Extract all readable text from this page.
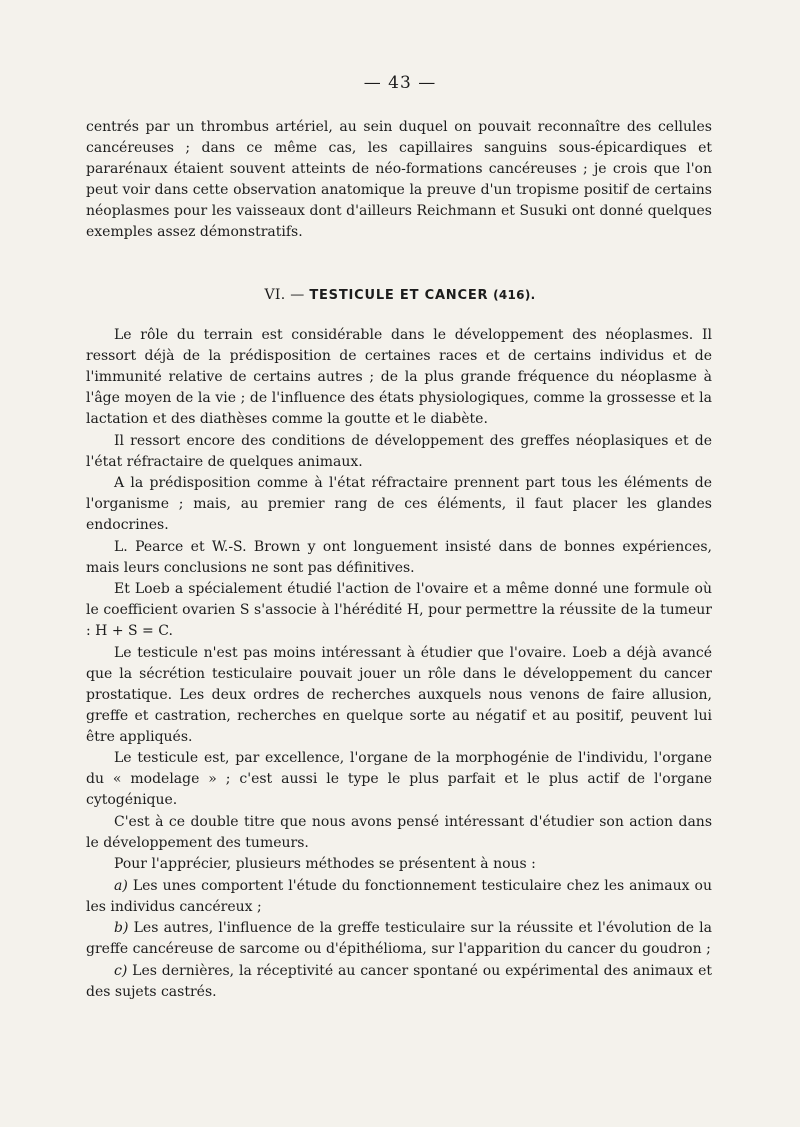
— 43 —

centrés par un thrombus artériel, au sein duquel on pouvait reconnaître des cellules cancéreuses ; dans ce même cas, les capillaires sanguins sous-épicardiques et pararénaux étaient souvent atteints de néo-formations cancéreuses ; je crois que l'on peut voir dans cette observation anatomique la preuve d'un tropisme positif de certains néoplasmes pour les vaisseaux dont d'ailleurs Reichmann et Susuki ont donné quelques exemples assez démonstratifs.

VI. — TESTICULE ET CANCER (416).

Le rôle du terrain est considérable dans le développement des néoplasmes. Il ressort déjà de la prédisposition de certaines races et de certains individus et de l'immunité relative de certains autres ; de la plus grande fréquence du néoplasme à l'âge moyen de la vie ; de l'influence des états physiologiques, comme la grossesse et la lactation et des diathèses comme la goutte et le diabète.

Il ressort encore des conditions de développement des greffes néoplasiques et de l'état réfractaire de quelques animaux.

A la prédisposition comme à l'état réfractaire prennent part tous les éléments de l'organisme ; mais, au premier rang de ces éléments, il faut placer les glandes endocrines.

L. Pearce et W.-S. Brown y ont longuement insisté dans de bonnes expériences, mais leurs conclusions ne sont pas définitives.

Et Loeb a spécialement étudié l'action de l'ovaire et a même donné une formule où le coefficient ovarien S s'associe à l'hérédité H, pour permettre la réussite de la tumeur : H + S = C.

Le testicule n'est pas moins intéressant à étudier que l'ovaire. Loeb a déjà avancé que la sécrétion testiculaire pouvait jouer un rôle dans le développement du cancer prostatique. Les deux ordres de recherches auxquels nous venons de faire allusion, greffe et castration, recherches en quelque sorte au négatif et au positif, peuvent lui être appliqués.

Le testicule est, par excellence, l'organe de la morphogénie de l'individu, l'organe du « modelage » ; c'est aussi le type le plus parfait et le plus actif de l'organe cytogénique.

C'est à ce double titre que nous avons pensé intéressant d'étudier son action dans le développement des tumeurs.

Pour l'apprécier, plusieurs méthodes se présentent à nous :

a) Les unes comportent l'étude du fonctionnement testiculaire chez les animaux ou les individus cancéreux ;

b) Les autres, l'influence de la greffe testiculaire sur la réussite et l'évolution de la greffe cancéreuse de sarcome ou d'épithélioma, sur l'apparition du cancer du goudron ;

c) Les dernières, la réceptivité au cancer spontané ou expérimental des animaux et des sujets castrés.
